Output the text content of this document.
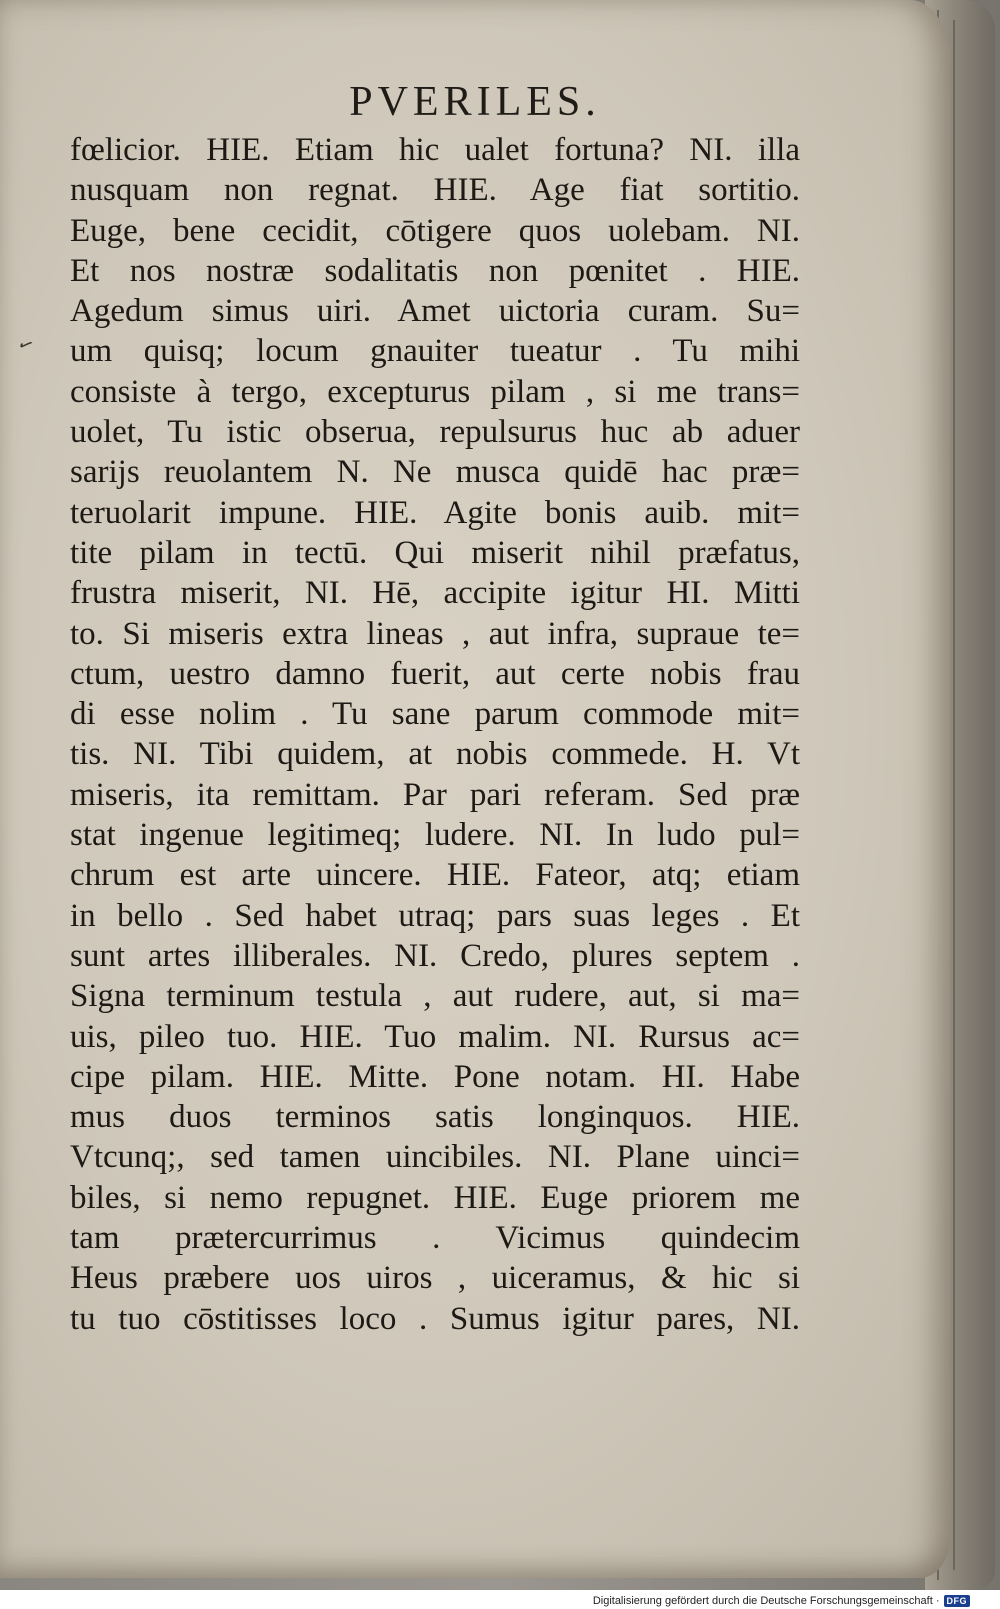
PVERILES.
✓
fœlicior. HIE. Etiam hic ualet fortuna? NI. illa
nusquam non regnat. HIE. Age fiat sortitio.
Euge, bene cecidit, cōtigere quos uolebam. NI.
Et nos nostræ sodalitatis non pœnitet . HIE.
Agedum simus uiri. Amet uictoria curam. Su=
um quisq; locum gnauiter tueatur . Tu mihi
consiste à tergo, excepturus pilam , si me trans=
uolet, Tu istic obserua, repulsurus huc ab aduer
sarijs reuolantem N. Ne musca quidē hac præ=
teruolarit impune. HIE. Agite bonis auib. mit=
tite pilam in tectū. Qui miserit nihil præfatus,
frustra miserit, NI. Hē, accipite igitur HI. Mitti
to. Si miseris extra lineas , aut infra, supraue te=
ctum, uestro damno fuerit, aut certe nobis frau
di esse nolim . Tu sane parum commode mit=
tis. NI. Tibi quidem, at nobis commede. H. Vt
miseris, ita remittam. Par pari referam. Sed præ
stat ingenue legitimeq; ludere. NI. In ludo pul=
chrum est arte uincere. HIE. Fateor, atq; etiam
in bello . Sed habet utraq; pars suas leges . Et
sunt artes illiberales. NI. Credo, plures septem .
Signa terminum testula , aut rudere, aut, si ma=
uis, pileo tuo. HIE. Tuo malim. NI. Rursus ac=
cipe pilam. HIE. Mitte. Pone notam. HI. Habe
mus duos terminos satis longinquos. HIE.
Vtcunq;, sed tamen uincibiles. NI. Plane uinci=
biles, si nemo repugnet. HIE. Euge priorem me
tam prætercurrimus . Vicimus quindecim
Heus præbere uos uiros , uiceramus, & hic si
tu tuo cōstitisses loco . Sumus igitur pares, NI.
Digitalisierung gefördert durch die Deutsche Forschungsgemeinschaft · DFG
